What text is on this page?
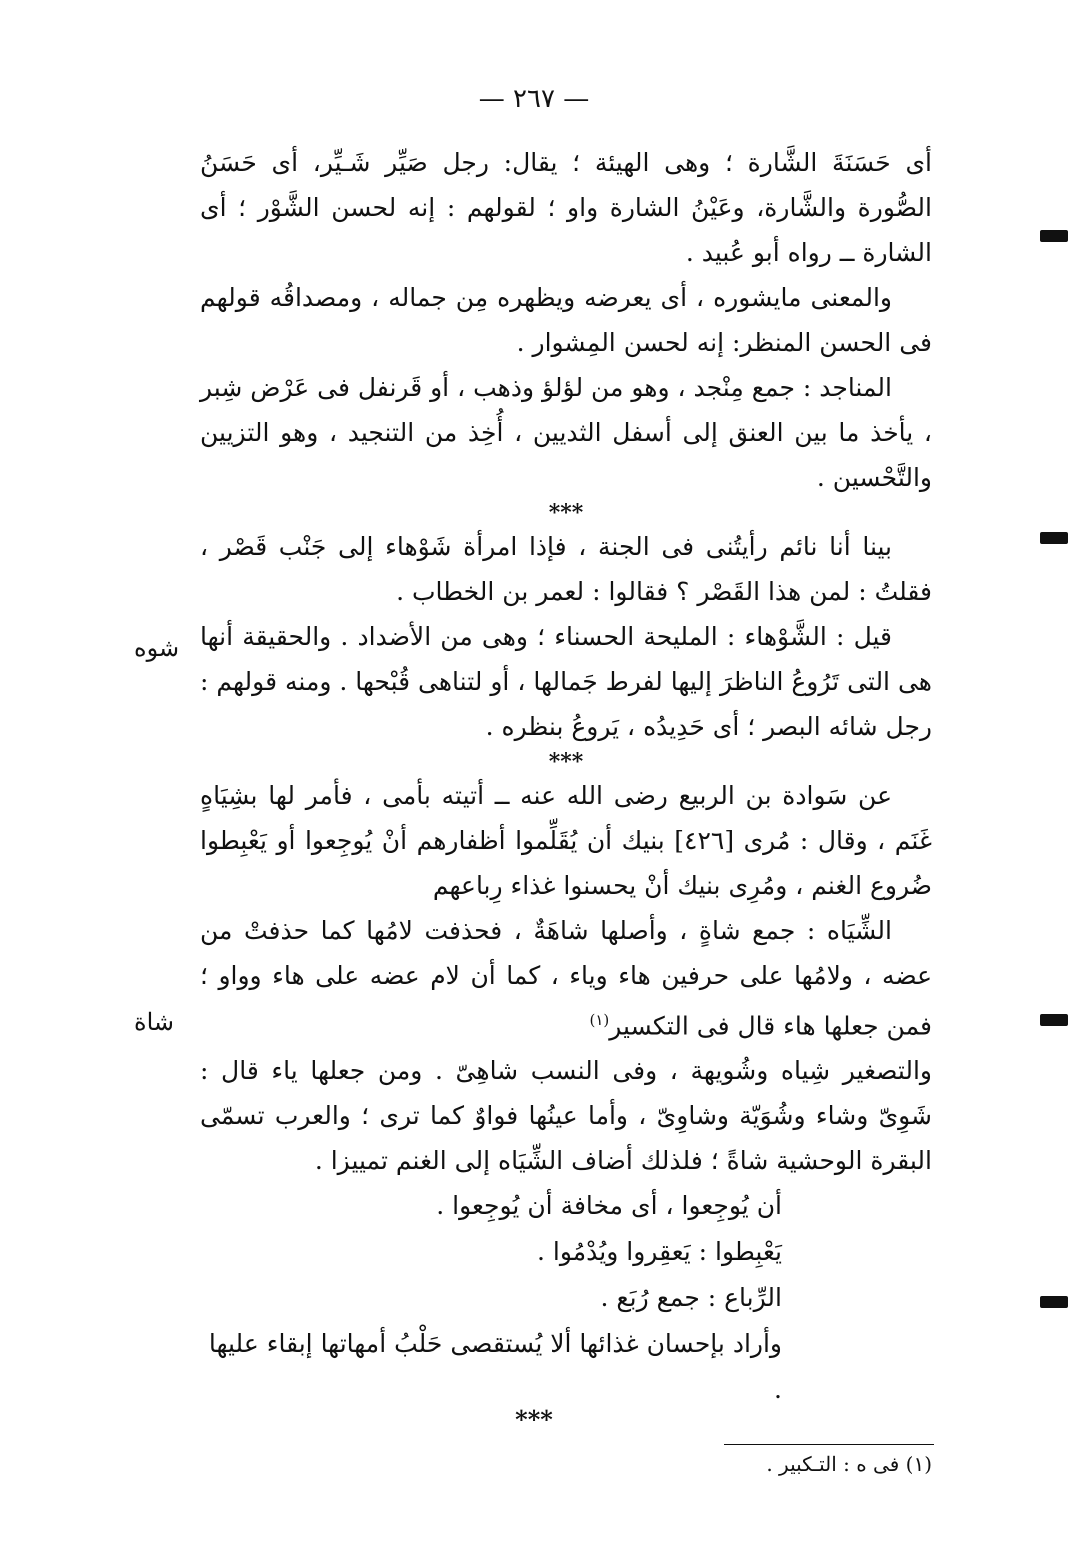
— ٢٦٧ —

أى حَسَنَةَ الشَّارة ؛ وهى الهيئة ؛ يقال: رجل صَيِّر شَـيِّر، أى حَسَنُ الصُّورة والشَّارة، وعَيْنُ الشارة واو ؛ لقولهم : إنه لحسن الشَّوْر ؛ أى الشارة ــ رواه أبو عُبيد .

والمعنى مايشوره ، أى يعرضه ويظهره مِن جماله ، ومصداقُه قولهم فى الحسن المنظر: إنه لحسن المِشوار .

المناجد : جمع مِنْجد ، وهو من لؤلؤ وذهب ، أو قَرنفل فى عَرْض شِبر ، يأخذ ما بين العنق إلى أسفل الثديين ، أُخِذ من التنجيد ، وهو التزيين والتَّحْسين .

***

بينا أنا نائم رأيتُنى فى الجنة ، فإذا امرأة شَوْهاء إلى جَنْب قَصْر ، فقلتُ : لمن هذا القَصْر ؟ فقالوا : لعمر بن الخطاب .

قيل : الشَّوْهاء : المليحة الحسناء ؛ وهى من الأضداد . والحقيقة أنها هى التى تَرُوعُ الناظرَ إليها لفرط جَمالها ، أو لتناهى قُبْحها . ومنه قولهم : رجل شائه البصر ؛ أى حَدِيدُه ، يَروعُ بنظره .

***

عن سَوادة بن الربيع رضى الله عنه ــ أتيته بأمى ، فأمر لها بشِيَاهٍ غَنَم ، وقال : مُرى [٤٢٦] بنيك أن يُقَلِّموا أظفارهم أنْ يُوجِعوا أو يَعْبِطوا ضُروع الغنم ، ومُرِى بنيك أنْ يحسنوا غذاء رِباعهم

الشِّيَاه : جمع شاةٍ ، وأصلها شاهَةٌ ، فحذفت لامُها كما حذفتْ من عضه ، ولامُها على حرفين هاء وياء ، كما أن لام عضه على هاء وواو ؛ فمن جعلها هاء قال فى التكسير$^{(١)}$

والتصغير شِياه وشُويهة ، وفى النسب شاهِىّ . ومن جعلها ياء قال : شَوِىّ وشاء وشُوَيّة وشاوِىّ ، وأما عينُها فواوٌ كما ترى ؛ والعرب تسمّى البقرة الوحشية شاةً ؛ فلذلك أضاف الشِّيَاه إلى الغنم تمييزا .

أن يُوجِعوا ، أى مخافة أن يُوجِعوا .
يَعْبِطوا : يَعقِروا ويُدْمُوا .
الرِّباع : جمع رُبَع .
وأراد بإحسان غذائها ألا يُستقصى حَلْبُ أمهاتها إبقاء عليها .
شوه
شاة
***
(١) فى ه : التـكبير .
